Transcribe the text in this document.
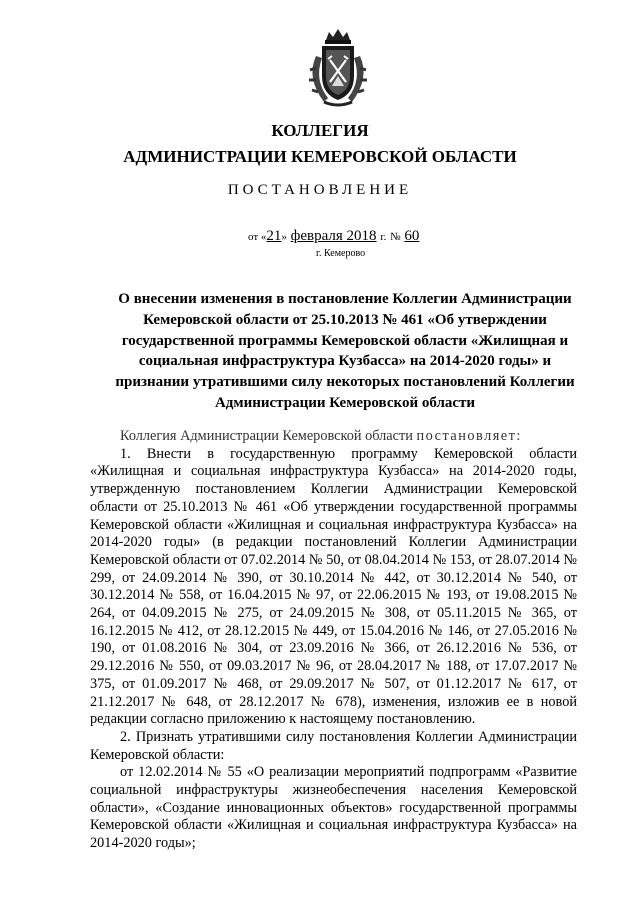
КОЛЛЕГИЯ

АДМИНИСТРАЦИИ КЕМЕРОВСКОЙ ОБЛАСТИ

ПОСТАНОВЛЕНИЕ

от «21» февраля 2018 г. № 60
г. Кемерово

О внесении изменения в постановление Коллегии Администрации Кемеровской области от 25.10.2013 № 461 «Об утверждении государственной программы Кемеровской области «Жилищная и социальная инфраструктура Кузбасса» на 2014-2020 годы» и признании утратившими силу некоторых постановлений Коллегии Администрации Кемеровской области

Коллегия Администрации Кемеровской области постановляет:

1. Внести в государственную программу Кемеровской области «Жилищная и социальная инфраструктура Кузбасса» на 2014-2020 годы, утвержденную постановлением Коллегии Администрации Кемеровской области от 25.10.2013 № 461 «Об утверждении государственной программы Кемеровской области «Жилищная и социальная инфраструктура Кузбасса» на 2014-2020 годы» (в редакции постановлений Коллегии Администрации Кемеровской области от 07.02.2014 № 50, от 08.04.2014 № 153, от 28.07.2014 № 299, от 24.09.2014 № 390, от 30.10.2014 № 442, от 30.12.2014 № 540, от 30.12.2014 № 558, от 16.04.2015 № 97, от 22.06.2015 № 193, от 19.08.2015 № 264, от 04.09.2015 № 275, от 24.09.2015 № 308, от 05.11.2015 № 365, от 16.12.2015 № 412, от 28.12.2015 № 449, от 15.04.2016 № 146, от 27.05.2016 № 190, от 01.08.2016 № 304, от 23.09.2016 № 366, от 26.12.2016 № 536, от 29.12.2016 № 550, от 09.03.2017 № 96, от 28.04.2017 № 188, от 17.07.2017 № 375, от 01.09.2017 № 468, от 29.09.2017 № 507, от 01.12.2017 № 617, от 21.12.2017 № 648, от 28.12.2017 № 678), изменения, изложив ее в новой редакции согласно приложению к настоящему постановлению.

2. Признать утратившими силу постановления Коллегии Администрации Кемеровской области:

от 12.02.2014 № 55 «О реализации мероприятий подпрограмм «Развитие социальной инфраструктуры жизнеобеспечения населения Кемеровской области», «Создание инновационных объектов» государственной программы Кемеровской области «Жилищная и социальная инфраструктура Кузбасса» на 2014-2020 годы»;
